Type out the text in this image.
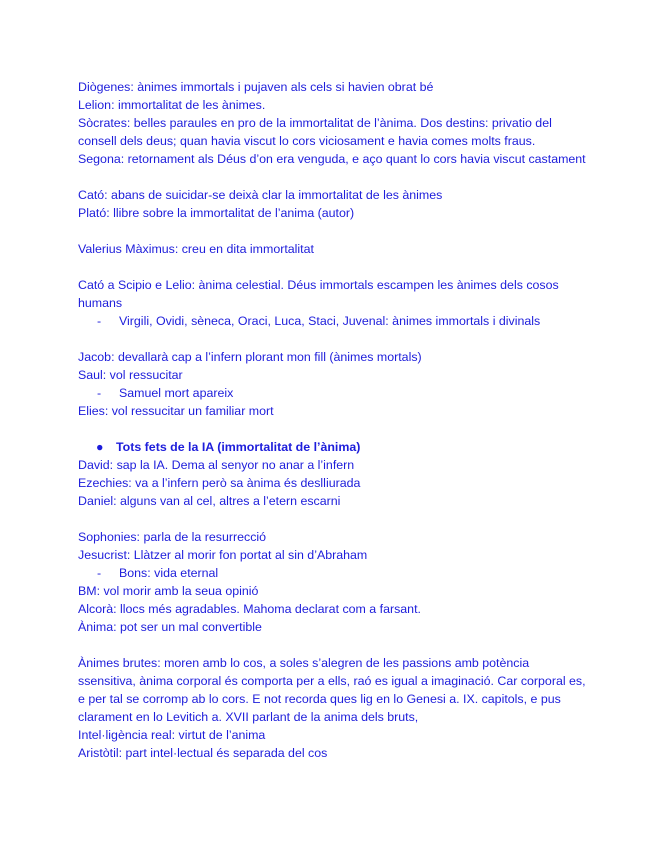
Diògenes: ànimes immortals i pujaven als cels si havien obrat bé
Lelion: immortalitat de les ànimes.
Sòcrates: belles paraules en pro de la immortalitat de l’ànima. Dos destins: privatio del consell dels deus; quan havia viscut lo cors viciosament e havia comes molts fraus.
Segona: retornament als Déus d’on era venguda, e aço quant lo cors havia viscut castament
Cató: abans de suicidar-se deixà clar la immortalitat de les ànimes
Plató: llibre sobre la immortalitat de l’anima (autor)
Valerius Màximus: creu en dita immortalitat
Cató a Scipio e Lelio: ànima celestial. Déus immortals escampen les ànimes dels cosos humans
- Virgili, Ovidi, sèneca, Oraci, Luca, Staci, Juvenal: ànimes immortals i divinals
Jacob: devallarà cap a l’infern plorant mon fill (ànimes mortals)
Saul: vol ressucitar
- Samuel mort apareix
Elies: vol ressucitar un familiar mort
● Tots fets de la IA (immortalitat de l’ànima)
David: sap la IA. Dema al senyor no anar a l’infern
Ezechies: va a l’infern però sa ànima és deslliurada
Daniel: alguns van al cel, altres a l’etern escarni
Sophonies: parla de la resurrecció
Jesucrist: Llàtzer al morir fon portat al sin d’Abraham
- Bons: vida eternal
BM: vol morir amb la seua opinió
Alcorà: llocs més agradables. Mahoma declarat com a farsant.
Ànima: pot ser un mal convertible
Ànimes brutes: moren amb lo cos, a soles s’alegren de les passions amb potència ssensitiva, ànima corporal és comporta per a ells, raó es igual a imaginació. Car corporal es, e per tal se corromp ab lo cors. E not recorda ques lig en lo Genesi a. IX. capitols, e pus clarament en lo Levitich a. XVII parlant de la anima dels bruts,
Intel·ligència real: virtut de l’anima
Aristòtil: part intel·lectual és separada del cos
